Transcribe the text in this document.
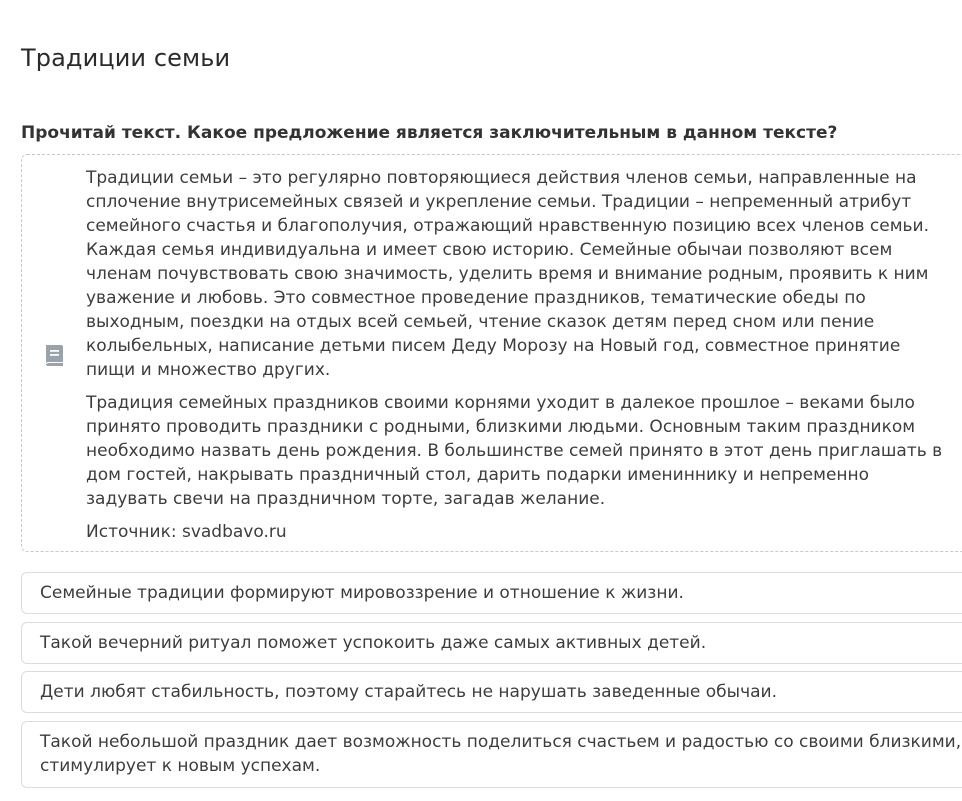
Традиции семьи
Прочитай текст. Какое предложение является заключительным в данном тексте?

Традиции семьи – это регулярно повторяющиеся действия членов семьи, направленные на сплочение внутрисемейных связей и укрепление семьи. Традиции – непременный атрибут семейного счастья и благополучия, отражающий нравственную позицию всех членов семьи. Каждая семья индивидуальна и имеет свою историю. Семейные обычаи позволяют всем членам почувствовать свою значимость, уделить время и внимание родным, проявить к ним уважение и любовь. Это совместное проведение праздников, тематические обеды по выходным, поездки на отдых всей семьей, чтение сказок детям перед сном или пение колыбельных, написание детьми писем Деду Морозу на Новый год, совместное принятие пищи и множество других.

Традиция семейных праздников своими корнями уходит в далекое прошлое – веками было принято проводить праздники с родными, близкими людьми. Основным таким праздником необходимо назвать день рождения. В большинстве семей принято в этот день приглашать в дом гостей, накрывать праздничный стол, дарить подарки имениннику и непременно задувать свечи на праздничном торте, загадав желание.

Источник: svadbavo.ru

Семейные традиции формируют мировоззрение и отношение к жизни.
Такой вечерний ритуал поможет успокоить даже самых активных детей.
Дети любят стабильность, поэтому старайтесь не нарушать заведенные обычаи.
Такой небольшой праздник дает возможность поделиться счастьем и радостью со своими близкими, стимулирует к новым успехам.
